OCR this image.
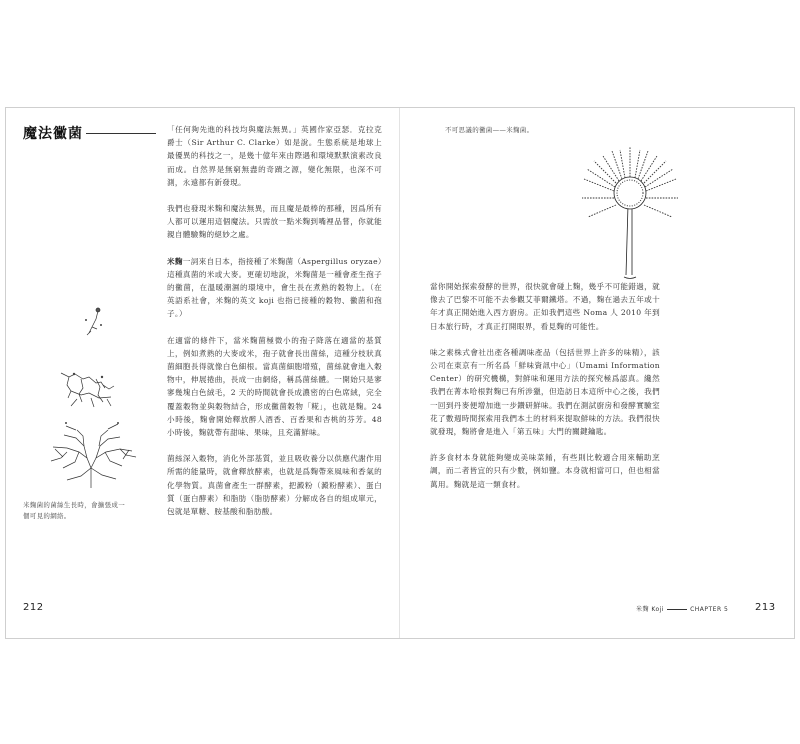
魔法黴菌
米麴菌的菌絲生長時，會擴張成一個可見的網絡。

「任何夠先進的科技均與魔法無異。」英國作家亞瑟．克拉克爵士（Sir Arthur C. Clarke）如是說。生態系統是地球上最優異的科技之一，是幾十億年來由際遇和環境默默演素改良而成。自然界是無窮無盡的奇蹟之源，變化無限，也深不可測，永遠都有新發現。

我們也發現米麴和魔法無異，而且魔是最棒的那種，因爲所有人都可以運用這個魔法。只需放一點米麴到嘴裡品嘗，你就能親自體驗麴的絕妙之處。

米麴一詞來自日本，指接種了米麴菌（Aspergillus oryzae）這種真菌的米或大麥。更確切地說，米麴菌是一種會產生孢子的黴菌，在溫暖潮濕的環境中，會生長在煮熟的穀物上。（在英語系社會，米麴的英文 koji 也指已接種的穀物、黴菌和孢子。）

在適當的條件下，當米麴菌極微小的孢子降落在適當的基質上，例如煮熟的大麥或米，孢子就會長出菌絲，這種分枝狀真菌細胞長得就像白色細根。當真菌細胞增殖，菌絲就會進入穀物中，伸展捲曲，長成一由網絡，稱爲菌絲體。一開始只是寥寥幾塊白色絨毛，2 天的時間就會長成濃密的白色席絨，完全覆蓋穀物並與穀物結合，形成黴菌穀物「糀」，也就是麴。24 小時後，麴會開始釋放醉人酒香、百香果和杏桃的芬芳。48 小時後，麴就帶有甜味、果味，且充滿鮮味。

菌絲深入穀物，消化外部基質，並且吸收養分以供應代謝作用所需的能量時，就會釋放酵素，也就是爲麴帶來風味和香氣的化學物質。真菌會產生一群酵素，把澱粉（澱粉酵素）、蛋白質（蛋白酵素）和脂肪（脂肪酵素）分解成各自的組成單元，包就是單糖、胺基酸和脂肪酸。

212
不可思議的黴菌——米麴菌。

當你開始探索發酵的世界，很快就會碰上麴，幾乎不可能錯過，就像去了巴黎不可能不去參觀艾菲爾鐵塔。不過，麴在過去五年或十年才真正開始進入西方廚房。正如我們這些 Noma 人 2010 年到日本旅行時，才真正打開眼界，看見麴的可能性。

味之素株式會社出產各種調味產品（包括世界上許多的味精），該公司在東京有一所名爲「鮮味資訊中心」（Umami Information Center）的研究機構，對鮮味和運用方法的探究極爲認真。纔然我們在菁本哈根對麴已有所涉獵，但造訪日本這所中心之後，我們一回到丹麥便增加進一步鑽研鮮味。我們在測試廚房和發酵實驗室花了數週時間探索用我們本土的材料來提取鮮味的方法。我們很快就發現，麴將會是進入「第五味」大門的關鍵鑰匙。

許多食材本身就能夠變成美味菜餚，有些則比較適合用來輔助烹調，而二者皆宜的只有少數，例如鹽。本身就相當可口，但也相當萬用。麴就是這一類食材。

米麴 Koji	CHAPTER 5	213
